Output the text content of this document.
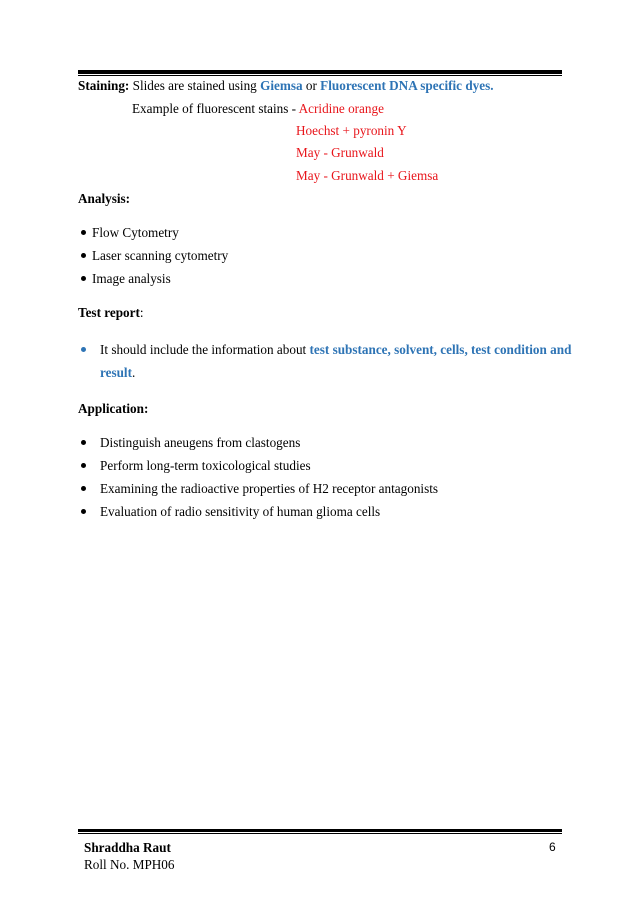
Staining: Slides are stained using Giemsa or Fluorescent DNA specific dyes.
Example of fluorescent stains - Acridine orange
Hoechst + pyronin Y
May - Grunwald
May - Grunwald + Giemsa
Analysis:
Flow Cytometry
Laser scanning cytometry
Image analysis
Test report:
It should include the information about test substance, solvent, cells, test condition and
result.
Application:
Distinguish aneugens from clastogens
Perform long-term toxicological studies
Examining the radioactive properties of H2 receptor antagonists
Evaluation of radio sensitivity of human glioma cells
Shraddha Raut
Roll No. MPH06
6
